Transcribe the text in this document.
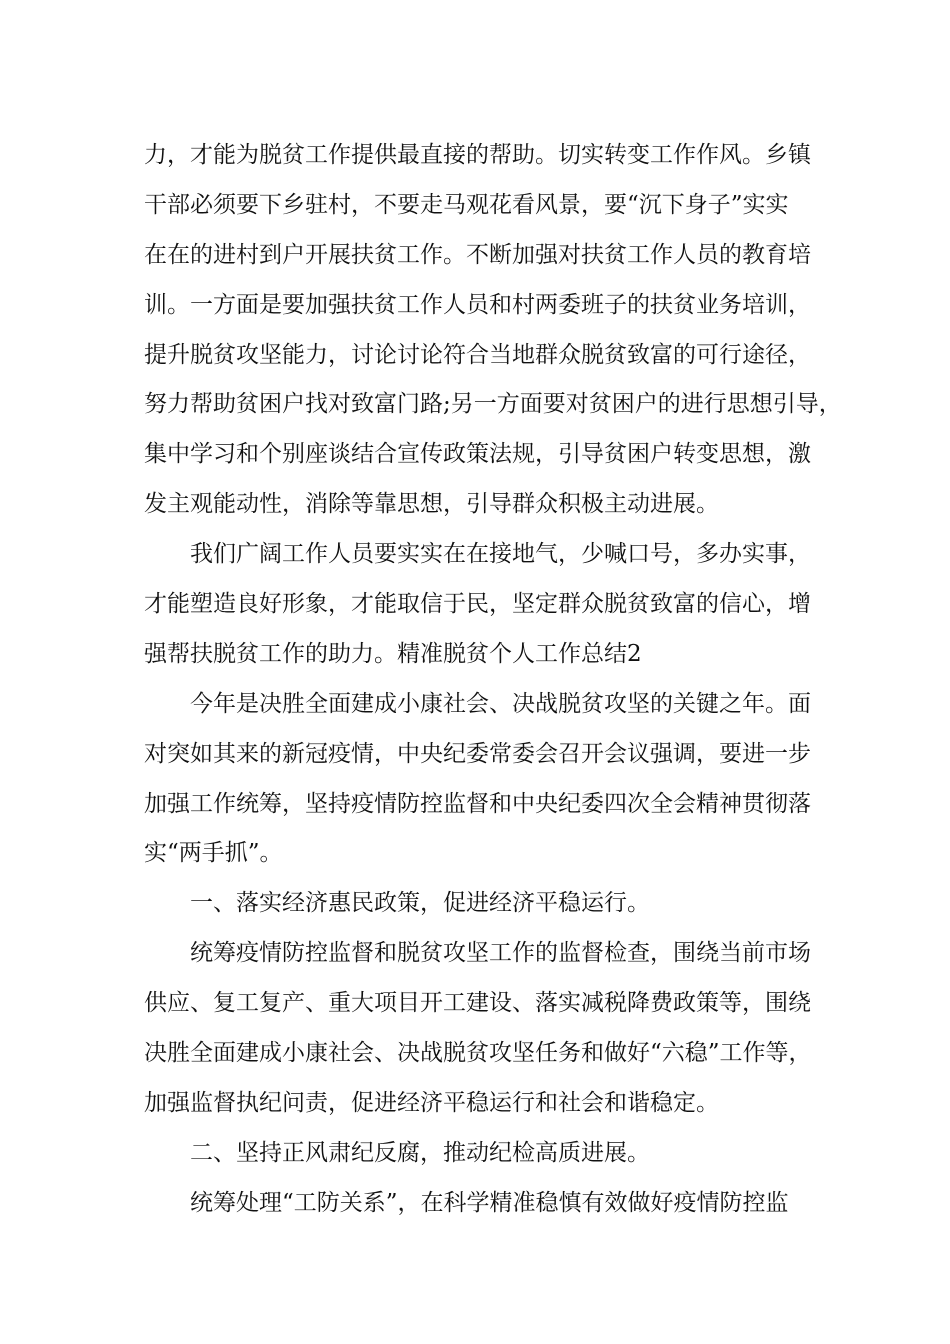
力，才能为脱贫工作提供最直接的帮助。切实转变工作作风。乡镇
干部必须要下乡驻村，不要走马观花看风景，要“沉下身子”实实
在在的进村到户开展扶贫工作。不断加强对扶贫工作人员的教育培
训。一方面是要加强扶贫工作人员和村两委班子的扶贫业务培训，
提升脱贫攻坚能力，讨论讨论符合当地群众脱贫致富的可行途径，
努力帮助贫困户找对致富门路;另一方面要对贫困户的进行思想引导，
集中学习和个别座谈结合宣传政策法规，引导贫困户转变思想，激
发主观能动性，消除等靠思想，引导群众积极主动进展。
我们广阔工作人员要实实在在接地气，少喊口号，多办实事，
才能塑造良好形象，才能取信于民，坚定群众脱贫致富的信心，增
强帮扶脱贫工作的助力。精准脱贫个人工作总结2
今年是决胜全面建成小康社会、决战脱贫攻坚的关键之年。面
对突如其来的新冠疫情，中央纪委常委会召开会议强调，要进一步
加强工作统筹，坚持疫情防控监督和中央纪委四次全会精神贯彻落
实“两手抓”。
一、落实经济惠民政策，促进经济平稳运行。
统筹疫情防控监督和脱贫攻坚工作的监督检查，围绕当前市场
供应、复工复产、重大项目开工建设、落实减税降费政策等，围绕
决胜全面建成小康社会、决战脱贫攻坚任务和做好“六稳”工作等，
加强监督执纪问责，促进经济平稳运行和社会和谐稳定。
二、坚持正风肃纪反腐，推动纪检高质进展。
统筹处理“工防关系”，在科学精准稳慎有效做好疫情防控监
